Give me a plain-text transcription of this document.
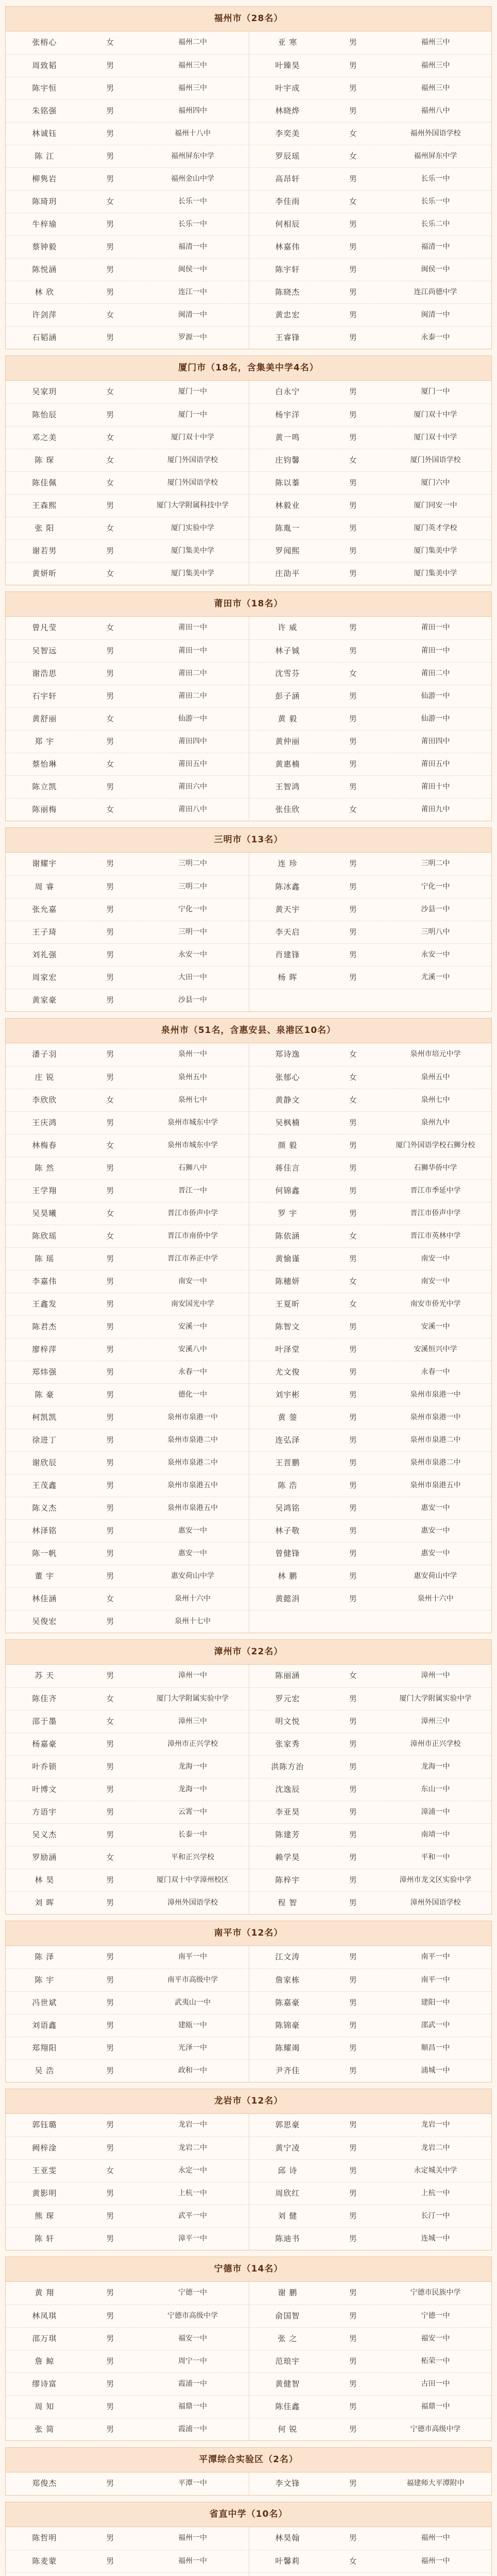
福州市（28名）
张榕心	女	福州二中	亚 寒	男	福州三中
周致韬	男	福州三中	叶臻昊	男	福州三中
陈宇恒	男	福州三中	叶宇成	男	福州三中
朱铭强	男	福州四中	林晓烨	男	福州八中
林诚钰	男	福州十八中	李奕美	女	福州外国语学校
陈 江	男	福州屏东中学	罗辰瑶	女	福州屏东中学
柳隽岩	男	福州金山中学	高昂轩	男	长乐一中
陈琦玥	女	长乐一中	李佳雨	女	长乐一中
牛梓瑜	男	长乐一中	何相辰	男	长乐二中
蔡钟毅	男	福清一中	林嘉伟	男	福清一中
陈悦涵	男	闽侯一中	陈宇轩	男	闽侯一中
林 欣	男	连江一中	陈晓杰	男	连江尚德中学
许剑萍	女	闽清一中	黄忠宏	男	闽清一中
石韬涵	男	罗源一中	王睿锋	男	永泰一中
厦门市（18名，含集美中学4名）
吴家玥	女	厦门一中	白永宁	男	厦门一中
陈怡辰	男	厦门一中	杨宇洋	男	厦门双十中学
邓之美	女	厦门双十中学	黄一鸣	男	厦门双十中学
陈 琛	女	厦门外国语学校	庄钧馨	女	厦门外国语学校
陈佳佩	女	厦门外国语学校	陈以蓁	男	厦门六中
王森熙	男	厦门大学附属科技中学	林毅业	男	厦门同安一中
张 阳	女	厦门实验中学	陈胤一	男	厦门英才学校
谢若男	男	厦门集美中学	罗闻熙	男	厦门集美中学
黄妍昕	女	厦门集美中学	庄劭平	男	厦门集美中学
莆田市（18名）
曾凡莹	女	莆田一中	许 威	男	莆田一中
吴智远	男	莆田一中	林子铖	男	莆田一中
谢浩思	男	莆田二中	沈雪芬	女	莆田二中
石宇轩	男	莆田二中	彭子涵	男	仙游一中
黄舒丽	女	仙游一中	黄 毅	男	仙游一中
郑 宇	男	莆田四中	黄仲丽	男	莆田四中
蔡怡琳	女	莆田五中	黄惠楠	男	莆田五中
陈立凯	男	莆田六中	王智鸿	男	莆田十中
陈丽梅	女	莆田八中	张佳欣	女	莆田九中
三明市（13名）
谢耀宇	男	三明二中	连 珍	男	三明二中
周 睿	男	三明二中	陈冰鑫	男	宁化一中
张允嘉	男	宁化一中	黄天宇	男	沙县一中
王子琦	男	三明一中	李天启	男	三明八中
刘礼强	男	永安一中	肖建锋	男	永安一中
周家宏	男	大田一中	杨 晖	男	尤溪一中
黄家豪	男	沙县一中
泉州市（51名，含惠安县、泉港区10名）
潘子羽	男	泉州一中	郑诗逸	女	泉州市培元中学
庄 锐	男	泉州五中	张郁心	女	泉州五中
李欣欣	女	泉州七中	黄静文	女	泉州七中
王庆鸿	男	泉州市城东中学	吴枫楠	男	泉州九中
林梅春	女	泉州市城东中学	颜 毅	男	厦门外国语学校石狮分校
陈 然	男	石狮八中	蒋佳言	男	石狮华侨中学
王学翔	男	晋江一中	何锦鑫	男	晋江市季延中学
吴昊曦	女	晋江市侨声中学	罗 宇	男	晋江市侨声中学
陈欣瑶	女	晋江市南侨中学	陈依涵	女	晋江市英林中学
陈 瑶	男	晋江市养正中学	黄愉谨	男	南安一中
李嘉伟	男	南安一中	陈穗妍	女	南安一中
王鑫发	男	南安国光中学	王夏昕	女	南安市侨光中学
陈君杰	男	安溪一中	陈智文	男	安溪一中
廖梓萍	男	安溪八中	叶泽堂	男	安溪恒兴中学
郑炜强	男	永春一中	尤文俊	男	永春一中
陈 豪	男	德化一中	刘宇彬	男	泉州市泉港一中
柯凯凯	男	泉州市泉港一中	黄 蓥	男	泉州市泉港一中
徐进丁	男	泉州市泉港二中	连弘泽	男	泉州市泉港二中
谢欣辰	男	泉州市泉港二中	王晋鹏	男	泉州市泉港二中
王茂鑫	男	泉州市泉港五中	陈 浩	男	泉州市泉港五中
陈义杰	男	泉州市泉港五中	吴鸿铭	男	惠安一中
林泽铭	男	惠安一中	林子敬	男	惠安一中
陈一帆	男	惠安一中	曾健锋	男	惠安一中
董 宇	男	惠安荷山中学	林 鹏	男	惠安荷山中学
林佳涵	女	泉州十六中	黄懿涓	男	泉州十六中
吴俊宏	男	泉州十七中
漳州市（22名）
苏 天	男	漳州一中	陈丽涵	女	漳州一中
陈佳齐	女	厦门大学附属实验中学	罗元宏	男	厦门大学附属实验中学
邵于墨	女	漳州三中	明文悦	男	漳州三中
杨嘉豪	男	漳州市正兴学校	张家秀	男	漳州市正兴学校
叶乔锁	男	龙海一中	洪陈方治	男	龙海一中
叶博文	男	龙海一中	沈逸辰	男	东山一中
方语宇	男	云霄一中	李亚昊	男	漳浦一中
吴义杰	男	长泰一中	陈建芳	男	南靖一中
罗励涵	女	平和正兴学校	赖学昊	男	平和一中
林 昊	男	厦门双十中学漳州校区	陈梓宇	男	漳州市龙文区实验中学
刘 晖	男	漳州外国语学校	程 智	男	漳州外国语学校
南平市（12名）
陈 泽	男	南平一中	江文涛	男	南平一中
陈 宇	男	南平市高级中学	詹家栋	男	南平一中
冯世斌	男	武夷山一中	陈嘉豪	男	建阳一中
刘语鑫	男	建瓯一中	陈锦豪	男	邵武一中
郑翔阳	男	光泽一中	陈耀竭	男	顺昌一中
吴 浩	男	政和一中	尹齐佳	男	浦城一中
龙岩市（12名）
郭钰璐	男	龙岩一中	郭思豪	男	龙岩一中
阙梓淦	男	龙岩二中	黄宁凌	男	龙岩二中
王亚雯	女	永定一中	邱 诗	男	永定城关中学
黄影明	男	上杭一中	周欣红	男	上杭一中
熊 琛	男	武平一中	刘 健	男	长汀一中
陈 轩	男	漳平一中	陈迪书	男	连城一中
宁德市（14名）
黄 翔	男	宁德一中	谢 鹏	男	宁德市民族中学
林凤琪	男	宁德市高级中学	俞国智	男	宁德一中
邵万琪	男	福安一中	张 之	男	福安一中
詹 鲸	男	周宁一中	范琅宇	男	柘荣一中
缪诗富	男	霞浦一中	黄健智	男	古田一中
周 知	男	福鼎一中	陈佳鑫	男	福鼎一中
张 简	男	霞浦一中	何 锐	男	宁德市高级中学
平潭综合实验区（2名）
郑俊杰	男	平潭一中	李文锋	男	福建师大平潭附中
省直中学（10名）
陈哲明	男	福州一中	林昊翰	男	福州一中
陈麦蒙	男	福州一中	叶馨莉	女	福州一中
